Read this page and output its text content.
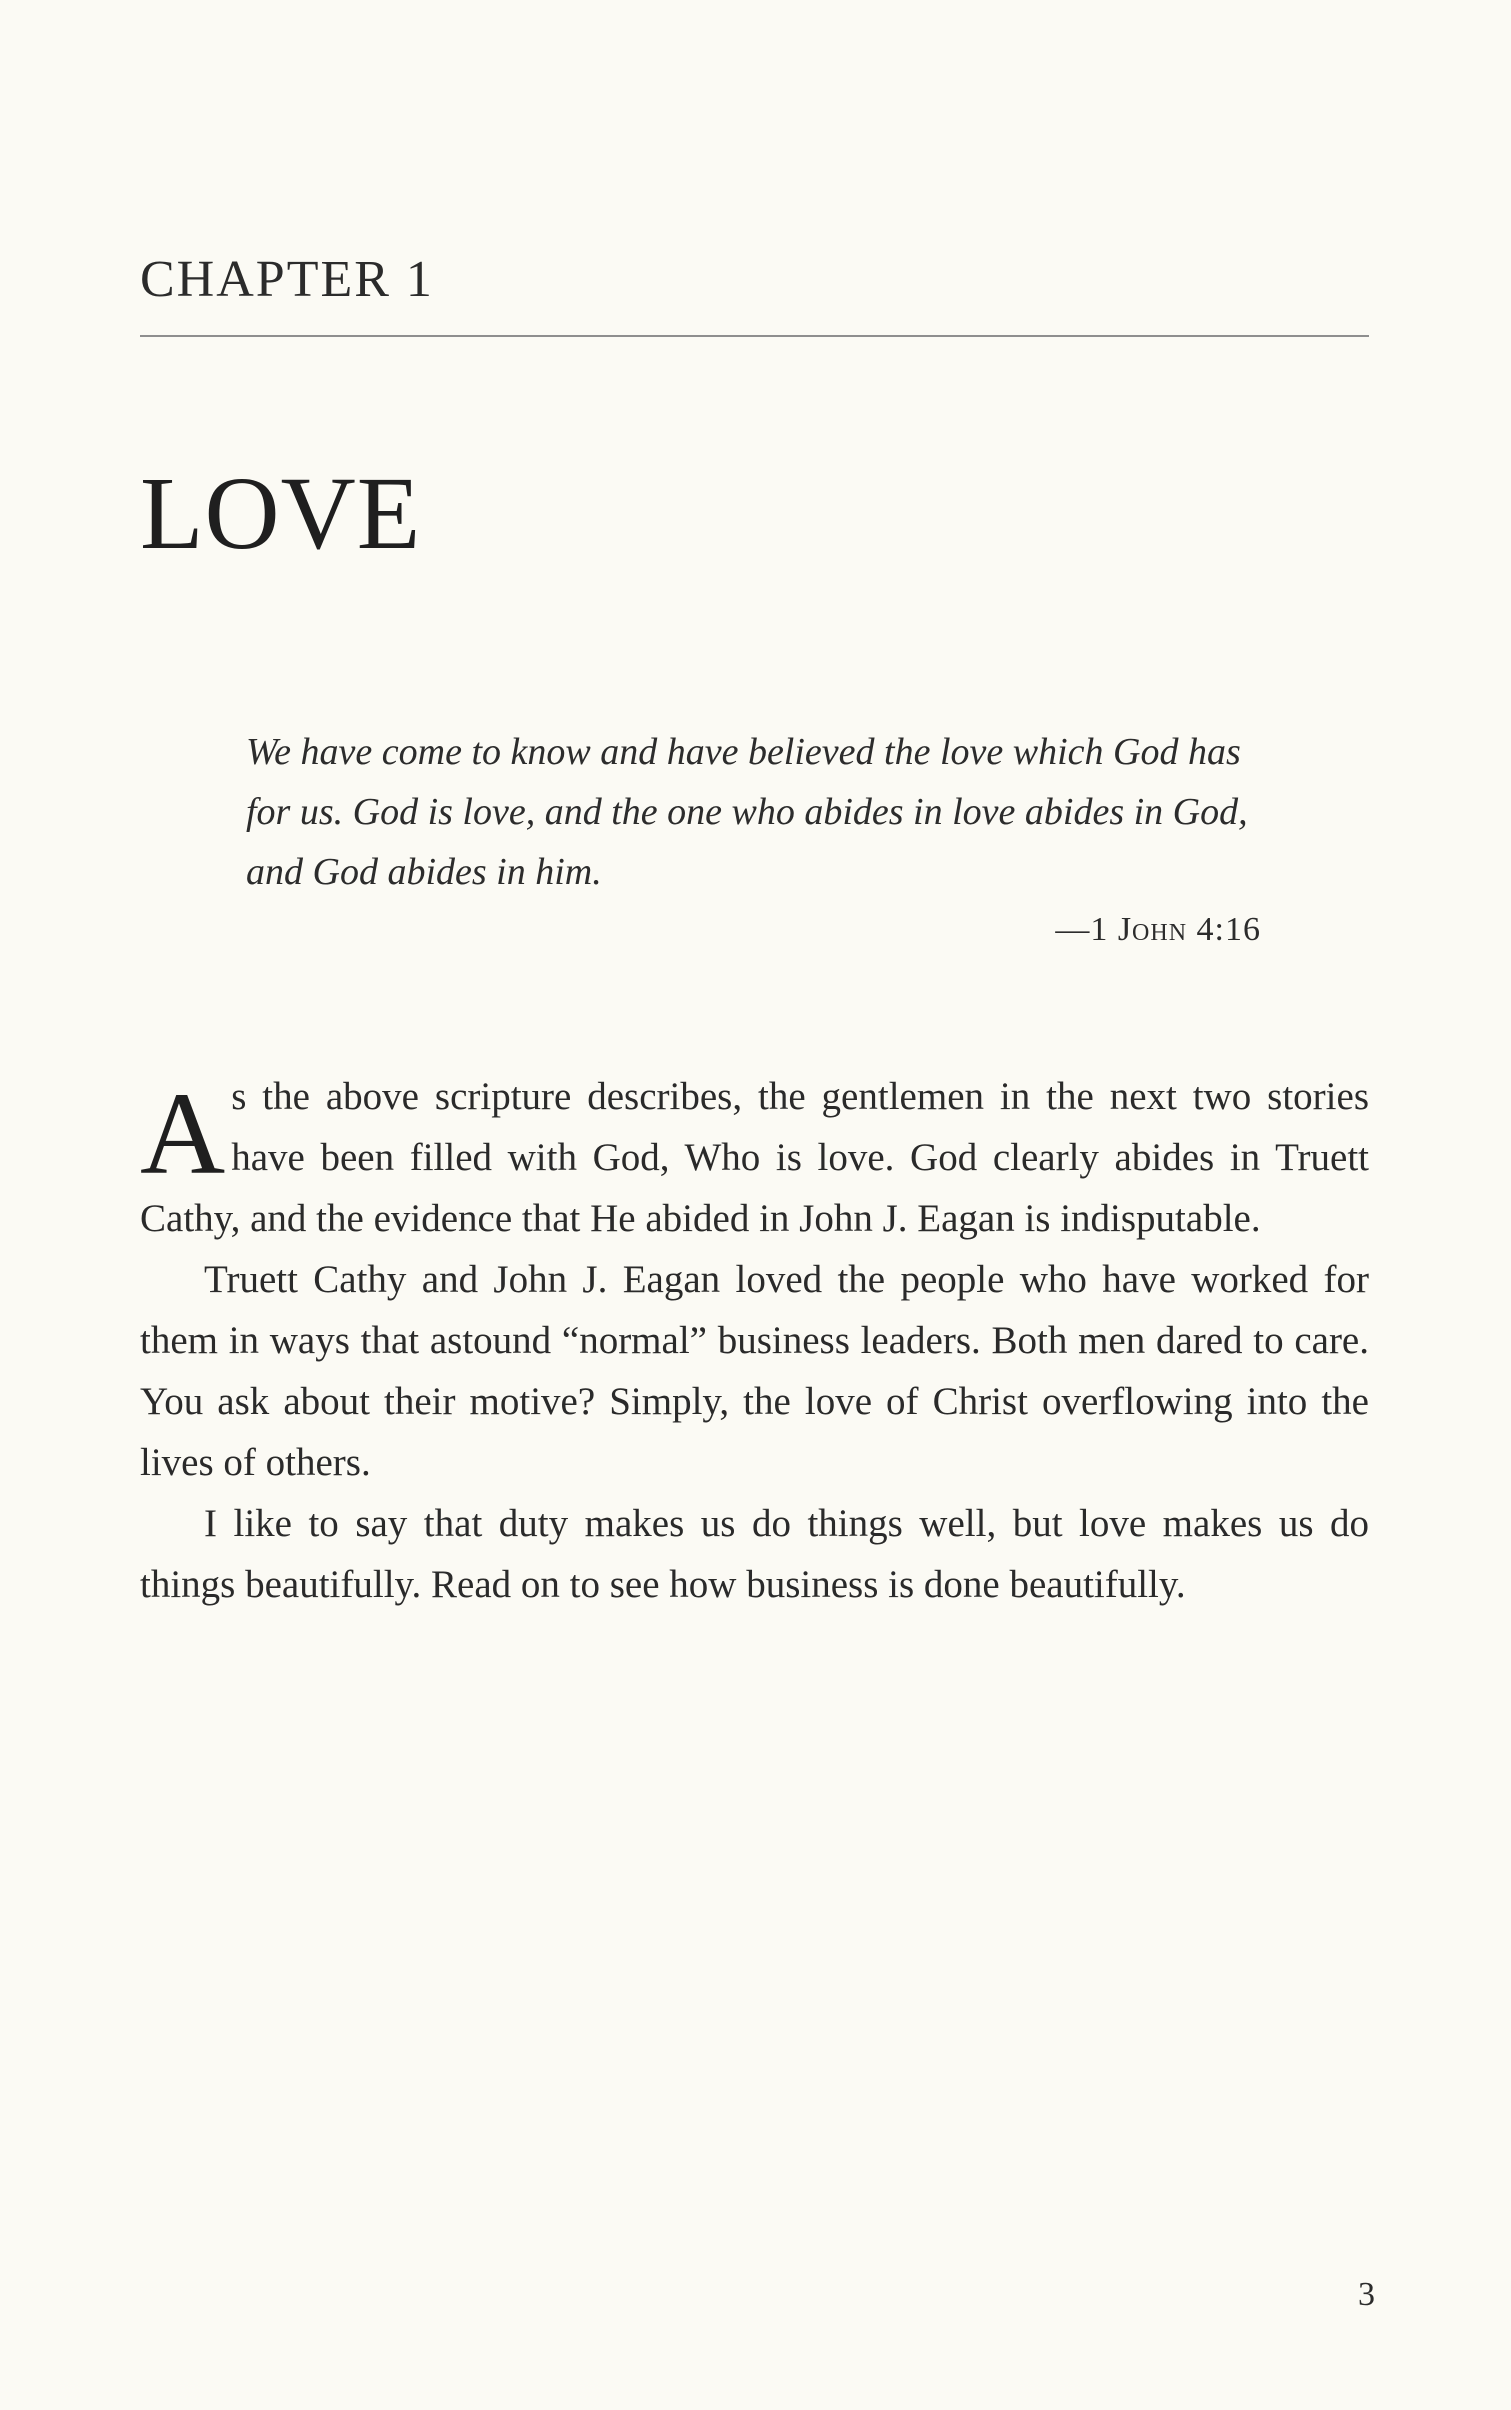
CHAPTER 1
LOVE

We have come to know and have believed the love which God has for us. God is love, and the one who abides in love abides in God, and God abides in him.

—1 John 4:16

As the above scripture describes, the gentlemen in the next two stories have been filled with God, Who is love. God clearly abides in Truett Cathy, and the evidence that He abided in John J. Eagan is indisputable.

Truett Cathy and John J. Eagan loved the people who have worked for them in ways that astound “normal” business leaders. Both men dared to care. You ask about their motive? Simply, the love of Christ overflowing into the lives of others.

I like to say that duty makes us do things well, but love makes us do things beautifully. Read on to see how business is done beautifully.

3
